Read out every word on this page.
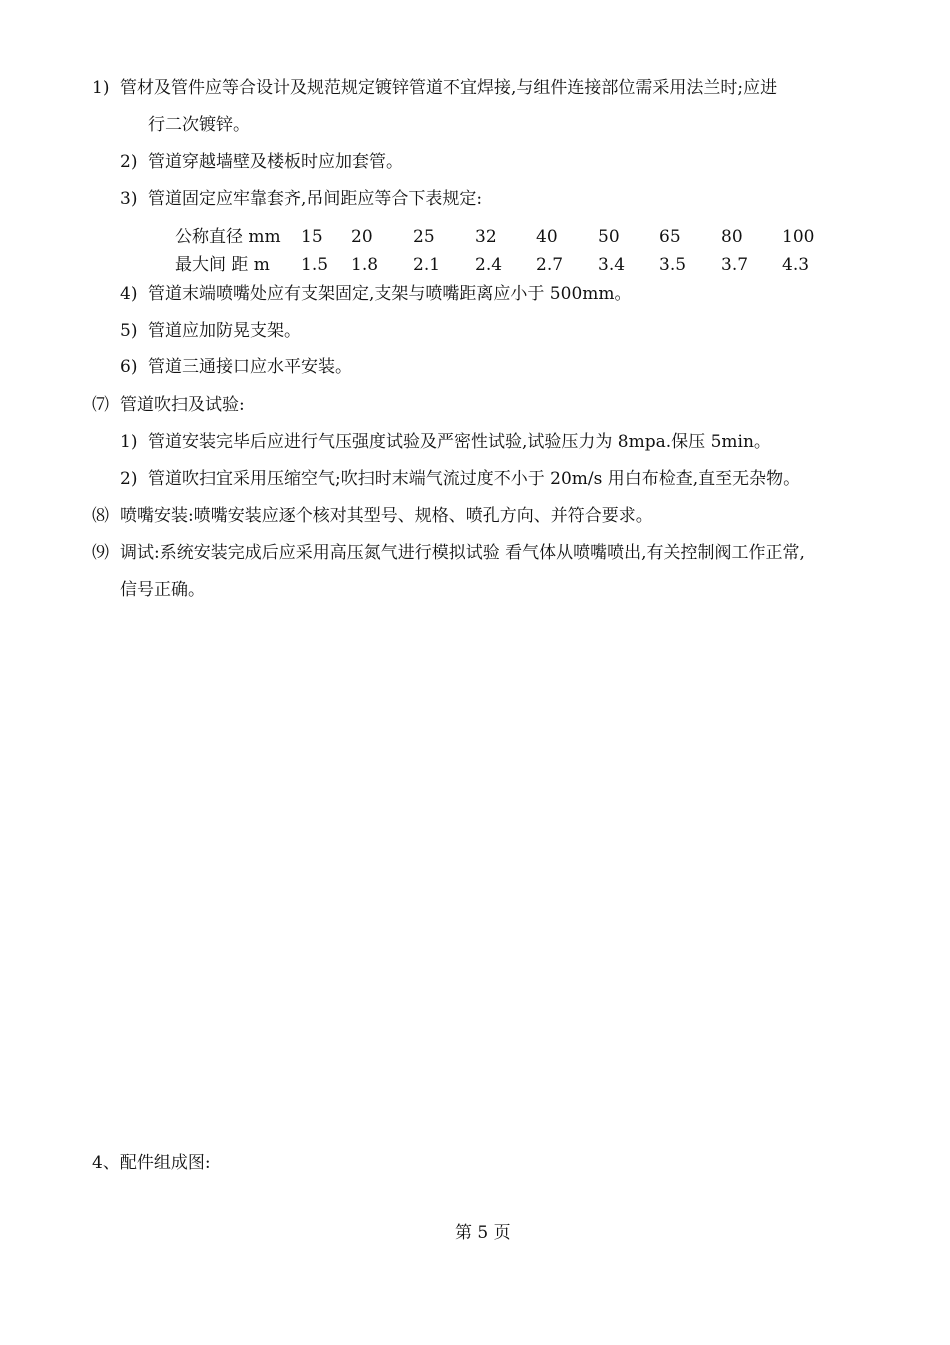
1) 管材及管件应等合设计及规范规定镀锌管道不宜焊接,与组件连接部位需采用法兰时;应进
行二次镀锌。
2) 管道穿越墙壁及楼板时应加套管。
3) 管道固定应牢靠套齐,吊间距应等合下表规定:
公称直径 mm 15 20 25 32 40 50 65 80 100
最大间 距 m 1.5 1.8 2.1 2.4 2.7 3.4 3.5 3.7 4.3
4) 管道末端喷嘴处应有支架固定,支架与喷嘴距离应小于 500mm。
5) 管道应加防晃支架。
6) 管道三通接口应水平安装。
⑺ 管道吹扫及试验:
1) 管道安装完毕后应进行气压强度试验及严密性试验,试验压力为 8mpa.保压 5min。
2) 管道吹扫宜采用压缩空气;吹扫时末端气流过度不小于 20m/s 用白布检查,直至无杂物。
⑻ 喷嘴安装:喷嘴安装应逐个核对其型号、规格、喷孔方向、并符合要求。
⑼ 调试:系统安装完成后应采用高压氮气进行模拟试验 看气体从喷嘴喷出,有关控制阀工作正常,
信号正确。
4、配件组成图:
第 5 页
